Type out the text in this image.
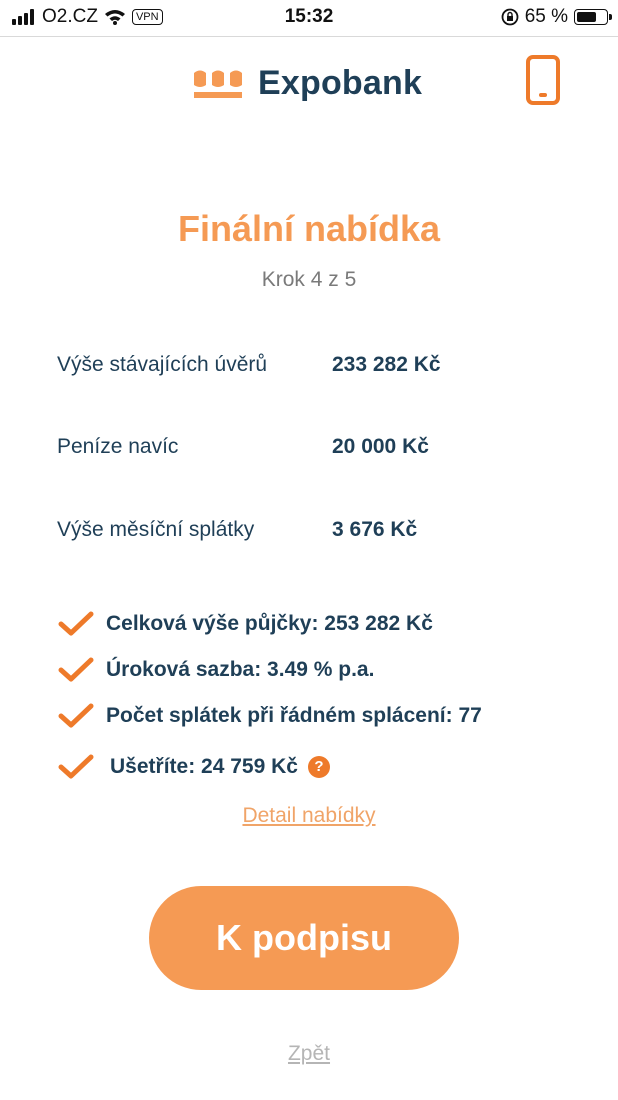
O2.CZ	VPN	15:32	65 %
Expobank
Finální nabídka
Krok 4 z 5
Výše stávajících úvěrů	233 282 Kč
Peníze navíc	20 000 Kč
Výše měsíční splátky	3 676 Kč
Celková výše půjčky: 253 282 Kč
Úroková sazba: 3.49 % p.a.
Počet splátek při řádném splácení: 77
Ušetříte: 24 759 Kč	?
Detail nabídky
K podpisu
Zpět
